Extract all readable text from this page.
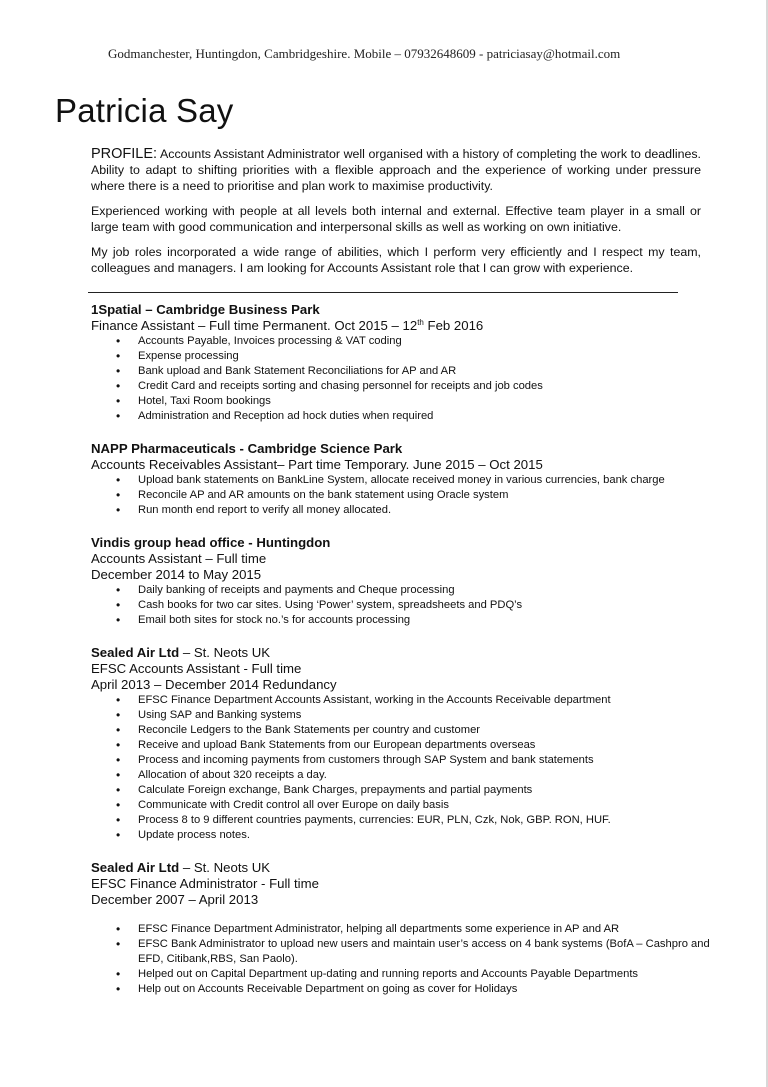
Godmanchester, Huntingdon, Cambridgeshire. Mobile – 07932648609 - patriciasay@hotmail.com
Patricia Say

PROFILE: Accounts Assistant Administrator well organised with a history of completing the work to deadlines. Ability to adapt to shifting priorities with a flexible approach and the experience of working under pressure where there is a need to prioritise and plan work to maximise productivity.

Experienced working with people at all levels both internal and external. Effective team player in a small or large team with good communication and interpersonal skills as well as working on own initiative.

My job roles incorporated a wide range of abilities, which I perform very efficiently and I respect my team, colleagues and managers. I am looking for Accounts Assistant role that I can grow with experience.

1Spatial – Cambridge Business Park
Finance Assistant – Full time Permanent. Oct 2015 – 12th Feb 2016
• Accounts Payable, Invoices processing & VAT coding
• Expense processing
• Bank upload and Bank Statement Reconciliations for AP and AR
• Credit Card and receipts sorting and chasing personnel for receipts and job codes
• Hotel, Taxi Room bookings
• Administration and Reception ad hock duties when required
NAPP Pharmaceuticals - Cambridge Science Park
Accounts Receivables Assistant– Part time Temporary. June 2015 – Oct 2015
• Upload bank statements on BankLine System, allocate received money in various currencies, bank charge
• Reconcile AP and AR amounts on the bank statement using Oracle system
• Run month end report to verify all money allocated.
Vindis group head office - Huntingdon
Accounts Assistant – Full time
December 2014 to May 2015
• Daily banking of receipts and payments and Cheque processing
• Cash books for two car sites. Using ‘Power’ system, spreadsheets and PDQ’s
• Email both sites for stock no.’s for accounts processing
Sealed Air Ltd – St. Neots UK
EFSC Accounts Assistant - Full time
April 2013 – December 2014 Redundancy
• EFSC Finance Department Accounts Assistant, working in the Accounts Receivable department
• Using SAP and Banking systems
• Reconcile Ledgers to the Bank Statements per country and customer
• Receive and upload Bank Statements from our European departments overseas
• Process and incoming payments from customers through SAP System and bank statements
• Allocation of about 320 receipts a day.
• Calculate Foreign exchange, Bank Charges, prepayments and partial payments
• Communicate with Credit control all over Europe on daily basis
• Process 8 to 9 different countries payments, currencies: EUR, PLN, Czk, Nok, GBP. RON, HUF.
• Update process notes.
Sealed Air Ltd – St. Neots UK
EFSC Finance Administrator - Full time
December 2007 – April 2013
• EFSC Finance Department Administrator, helping all departments some experience in AP and AR
• EFSC Bank Administrator to upload new users and maintain user’s access on 4 bank systems (BofA – Cashpro and EFD, Citibank,RBS, San Paolo).
• Helped out on Capital Department up-dating and running reports and Accounts Payable Departments
• Help out on Accounts Receivable Department on going as cover for Holidays
